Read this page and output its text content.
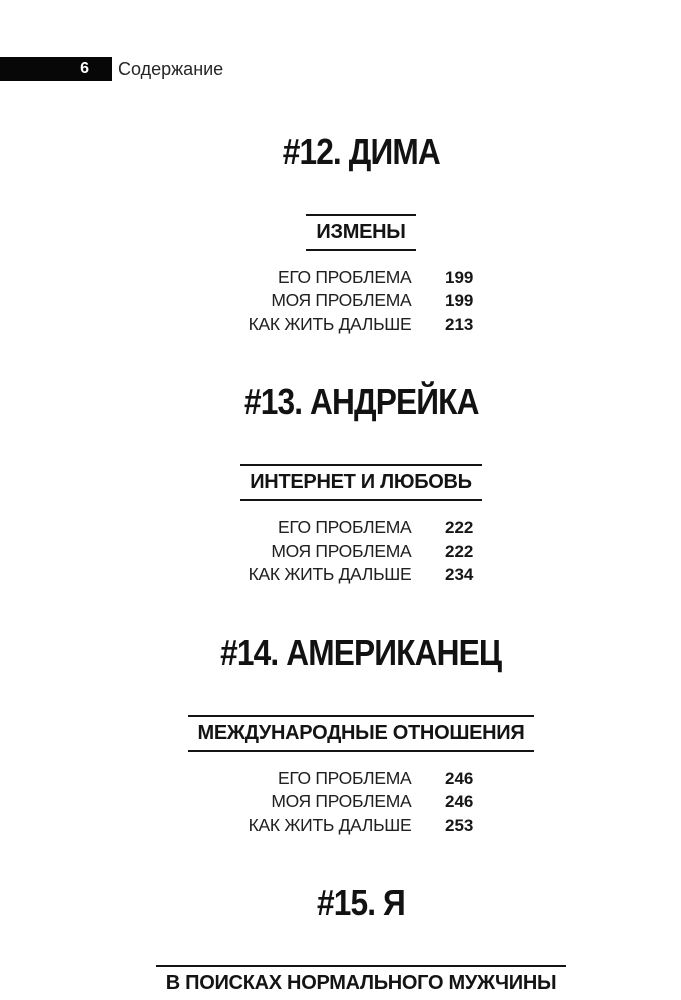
6 Содержание
#12. ДИМА
ИЗМЕНЫ
ЕГО ПРОБЛЕМА	199
МОЯ ПРОБЛЕМА	199
КАК ЖИТЬ ДАЛЬШЕ	213
#13. АНДРЕЙКА
ИНТЕРНЕТ И ЛЮБОВЬ
ЕГО ПРОБЛЕМА	222
МОЯ ПРОБЛЕМА	222
КАК ЖИТЬ ДАЛЬШЕ	234
#14. АМЕРИКАНЕЦ
МЕЖДУНАРОДНЫЕ ОТНОШЕНИЯ
ЕГО ПРОБЛЕМА	246
МОЯ ПРОБЛЕМА	246
КАК ЖИТЬ ДАЛЬШЕ	253
#15. Я
В ПОИСКАХ НОРМАЛЬНОГО МУЖЧИНЫ
